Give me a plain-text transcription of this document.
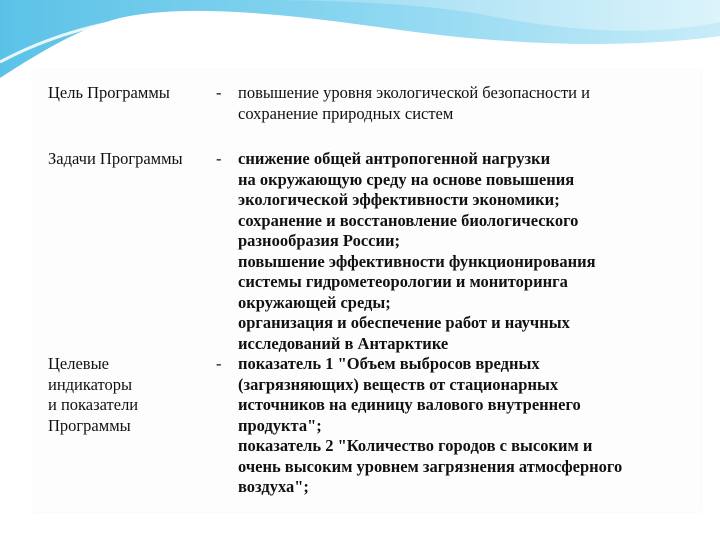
Цель Программы	- повышение уровня экологической безопасности и
сохранение природных систем
Задачи Программы	- снижение общей антропогенной нагрузки
на окружающую среду на основе повышения
экологической эффективности экономики;
сохранение и восстановление биологического
разнообразия России;
повышение эффективности функционирования
системы гидрометеорологии и мониторинга
окружающей среды;
организация и обеспечение работ и научных
исследований в Антарктике
Целевые
индикаторы
и показатели
Программы
- показатель 1 "Объем выбросов вредных
(загрязняющих) веществ от стационарных
источников на единицу валового внутреннего
продукта";
показатель 2 "Количество городов с высоким и
очень высоким уровнем загрязнения атмосферного
воздуха";
